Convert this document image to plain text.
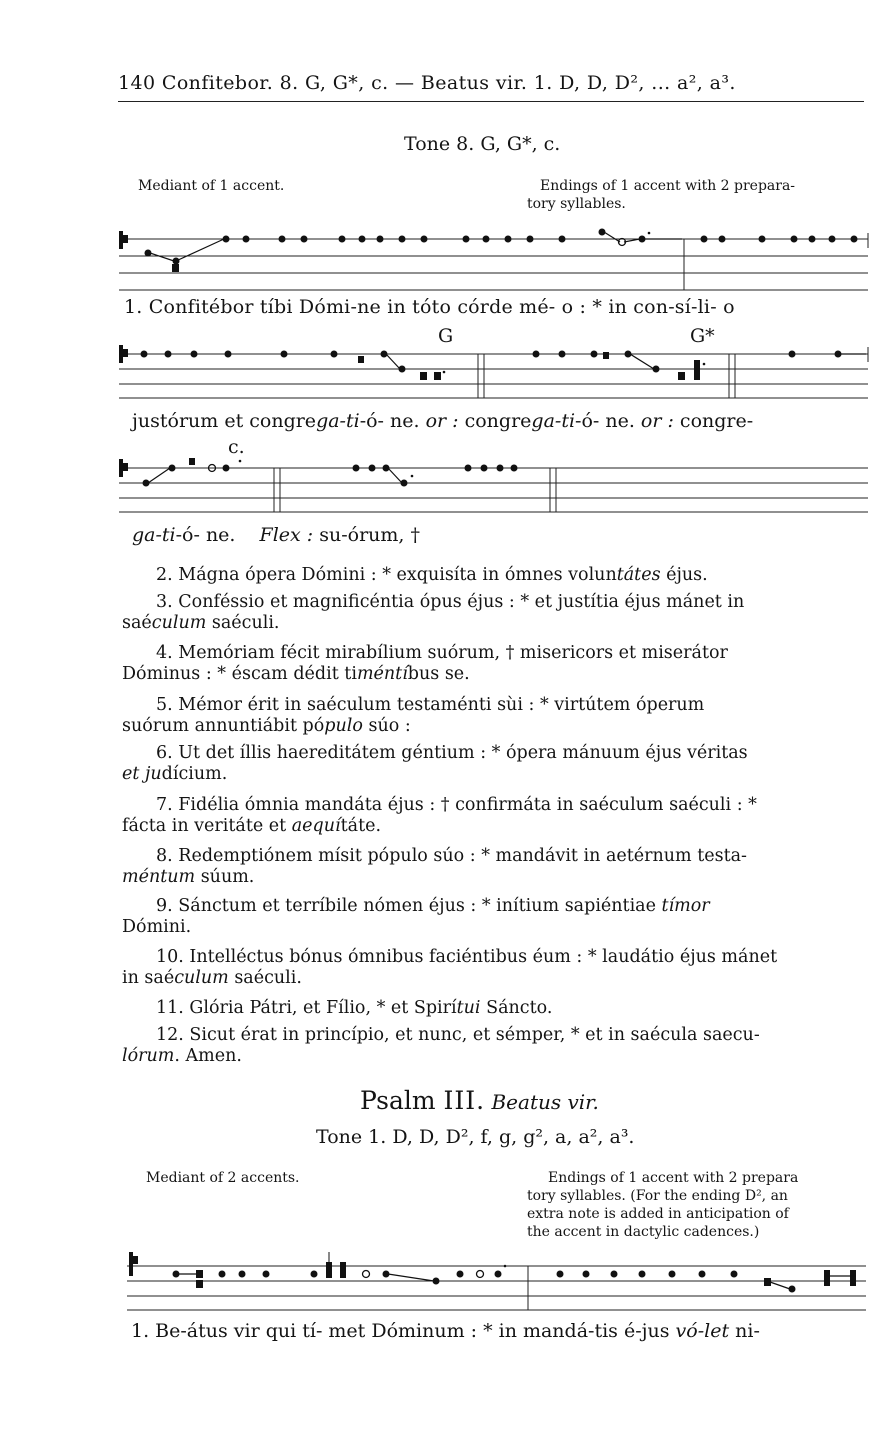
140 Confitebor. 8. G, G*, c. — Beatus vir. 1. D, D, D², ... a², a³.
Tone 8. G, G*, c.
Mediant of 1 accent.	Endings of 1 accent with 2 prepara-
tory syllables.
1. Confitébor tíbi Dómi-ne in tóto córde mé- o : * in con-sí-li- o
G	G*
justórum et congrega-ti-ó- ne. or : congrega-ti-ó- ne. or : congre-
c.
ga-ti-ó- ne. Flex : su-órum, †
2. Mágna ópera Dómini : * exquisíta in ómnes voluntátes éjus.
3. Conféssio et magnificéntia ópus éjus : * et justítia éjus mánet in
saéculum saéculi.
4. Memóriam fécit mirabílium suórum, † misericors et miserátor
Dóminus : * éscam dédit timéntíbus se.
5. Mémor érit in saéculum testaménti sùi : * virtútem óperum
suórum annuntiábit pópulo súo :
6. Ut det íllis haereditátem géntium : * ópera mánuum éjus véritas
et judícium.
7. Fidélia ómnia mandáta éjus : † confirmáta in saéculum saéculi : *
fácta in veritáte et aequítáte.
8. Redemptiónem mísit pópulo súo : * mandávit in aetérnum testa-
méntum súum.
9. Sánctum et terríbile nómen éjus : * inítium sapiéntiae tímor
Dómini.
10. Intelléctus bónus ómnibus faciéntibus éum : * laudátio éjus mánet
in saéculum saéculi.
11. Glória Pátri, et Fílio, * et Spirítui Sáncto.
12. Sicut érat in princípio, et nunc, et sémper, * et in saécula saecu-
lórum. Amen.
Psalm III. Beatus vir.
Tone 1. D, D, D², f, g, g², a, a², a³.
Mediant of 2 accents.	Endings of 1 accent with 2 prepara
tory syllables. (For the ending D², an
extra note is added in anticipation of
the accent in dactylic cadences.)
1. Be-átus vir qui tí- met Dóminum : * in mandá-tis é-jus vó-let ni-
